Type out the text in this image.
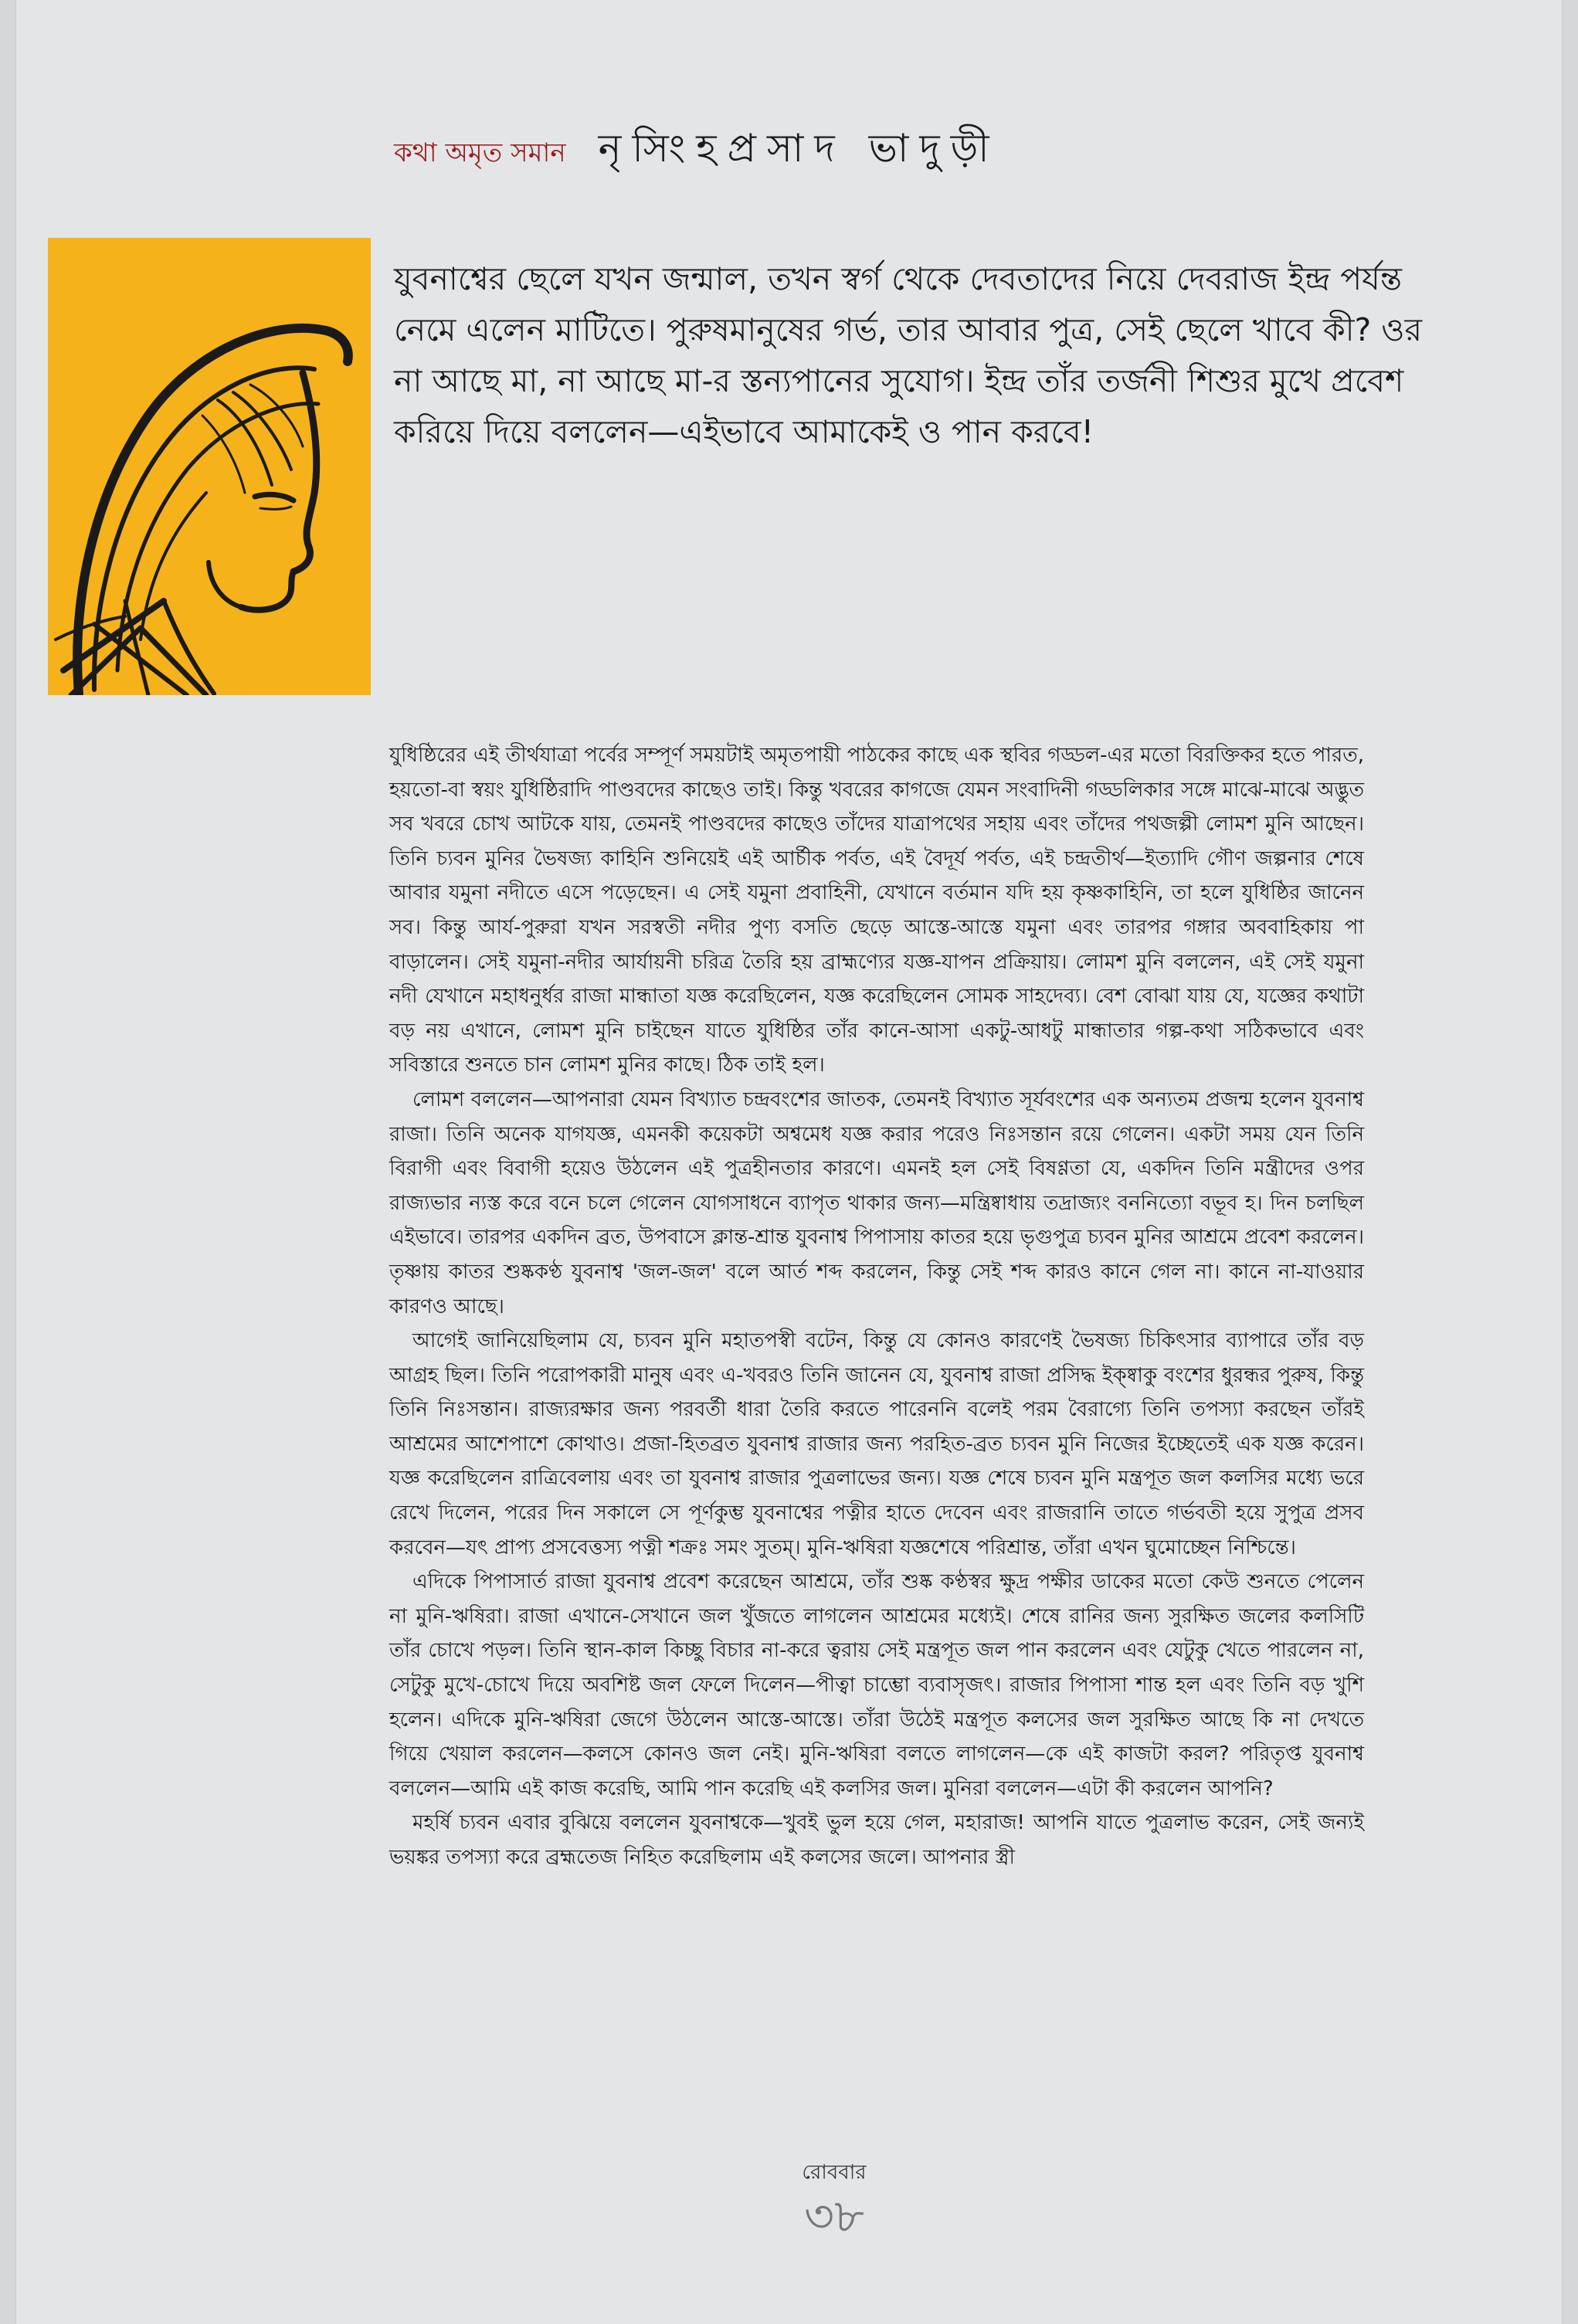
কথা অমৃত সমান নৃসিংহপ্রসাদ ভাদুড়ী

যুবনাশ্বের ছেলে যখন জন্মাল, তখন স্বর্গ থেকে দেবতাদের নিয়ে দেবরাজ ইন্দ্র পর্যন্ত নেমে এলেন মাটিতে। পুরুষমানুষের গর্ভ, তার আবার পুত্র, সেই ছেলে খাবে কী? ওর না আছে মা, না আছে মা-র স্তন্যপানের সুযোগ। ইন্দ্র তাঁর তর্জনী শিশুর মুখে প্রবেশ করিয়ে দিয়ে বললেন—এইভাবে আমাকেই ও পান করবে!

যুধিষ্ঠিরের এই তীর্থযাত্রা পর্বের সম্পূর্ণ সময়টাই অমৃতপায়ী পাঠকের কাছে এক স্থবির গড্ডল-এর মতো বিরক্তিকর হতে পারত, হয়তো-বা স্বয়ং যুধিষ্ঠিরাদি পাণ্ডবদের কাছেও তাই। কিন্তু খবরের কাগজে যেমন সংবাদিনী গড্ডলিকার সঙ্গে মাঝে-মাঝে অদ্ভুত সব খবরে চোখ আটকে যায়, তেমনই পাণ্ডবদের কাছেও তাঁদের যাত্রাপথের সহায় এবং তাঁদের পথজল্পী লোমশ মুনি আছেন। তিনি চ্যবন মুনির ভৈষজ্য কাহিনি শুনিয়েই এই আর্চীক পর্বত, এই বৈদূর্য পর্বত, এই চন্দ্রতীর্থ—ইত্যাদি গৌণ জল্পনার শেষে আবার যমুনা নদীতে এসে পড়েছেন। এ সেই যমুনা প্রবাহিনী, যেখানে বর্তমান যদি হয় কৃষ্ণকাহিনি, তা হলে যুধিষ্ঠির জানেন সব। কিন্তু আর্য-পুরুরা যখন সরস্বতী নদীর পুণ্য বসতি ছেড়ে আস্তে-আস্তে যমুনা এবং তারপর গঙ্গার অববাহিকায় পা বাড়ালেন। সেই যমুনা-নদীর আর্যায়নী চরিত্র তৈরি হয় ব্রাহ্মণ্যের যজ্ঞ-যাপন প্রক্রিয়ায়। লোমশ মুনি বললেন, এই সেই যমুনা নদী যেখানে মহাধনুর্ধর রাজা মান্ধাতা যজ্ঞ করেছিলেন, যজ্ঞ করেছিলেন সোমক সাহদেব্য। বেশ বোঝা যায় যে, যজ্ঞের কথাটা বড় নয় এখানে, লোমশ মুনি চাইছেন যাতে যুধিষ্ঠির তাঁর কানে-আসা একটু-আধটু মান্ধাতার গল্প-কথা সঠিকভাবে এবং সবিস্তারে শুনতে চান লোমশ মুনির কাছে। ঠিক তাই হল।

লোমশ বললেন—আপনারা যেমন বিখ্যাত চন্দ্রবংশের জাতক, তেমনই বিখ্যাত সূর্যবংশের এক অন্যতম প্রজন্ম হলেন যুবনাশ্ব রাজা। তিনি অনেক যাগযজ্ঞ, এমনকী কয়েকটা অশ্বমেধ যজ্ঞ করার পরেও নিঃসন্তান রয়ে গেলেন। একটা সময় যেন তিনি বিরাগী এবং বিবাগী হয়েও উঠলেন এই পুত্রহীনতার কারণে। এমনই হল সেই বিষণ্ণতা যে, একদিন তিনি মন্ত্রীদের ওপর রাজ্যভার ন্যস্ত করে বনে চলে গেলেন যোগসাধনে ব্যাপৃত থাকার জন্য—মন্ত্রিষ্বাধায় তদ্রাজ্যং বননিত্যো বভূব হ। দিন চলছিল এইভাবে। তারপর একদিন ব্রত, উপবাসে ক্লান্ত-শ্রান্ত যুবনাশ্ব পিপাসায় কাতর হয়ে ভৃগুপুত্র চ্যবন মুনির আশ্রমে প্রবেশ করলেন। তৃষ্ণায় কাতর শুষ্ককণ্ঠ যুবনাশ্ব 'জল-জল' বলে আর্ত শব্দ করলেন, কিন্তু সেই শব্দ কারও কানে গেল না। কানে না-যাওয়ার কারণও আছে।

আগেই জানিয়েছিলাম যে, চ্যবন মুনি মহাতপস্বী বটেন, কিন্তু যে কোনও কারণেই ভৈষজ্য চিকিৎসার ব্যাপারে তাঁর বড় আগ্রহ ছিল। তিনি পরোপকারী মানুষ এবং এ-খবরও তিনি জানেন যে, যুবনাশ্ব রাজা প্রসিদ্ধ ইক্ষ্বাকু বংশের ধুরন্ধর পুরুষ, কিন্তু তিনি নিঃসন্তান। রাজ্যরক্ষার জন্য পরবর্তী ধারা তৈরি করতে পারেননি বলেই পরম বৈরাগ্যে তিনি তপস্যা করছেন তাঁরই আশ্রমের আশেপাশে কোথাও। প্রজা-হিতব্রত যুবনাশ্ব রাজার জন্য পরহিত-ব্রত চ্যবন মুনি নিজের ইচ্ছেতেই এক যজ্ঞ করেন। যজ্ঞ করেছিলেন রাত্রিবেলায় এবং তা যুবনাশ্ব রাজার পুত্রলাভের জন্য। যজ্ঞ শেষে চ্যবন মুনি মন্ত্রপূত জল কলসির মধ্যে ভরে রেখে দিলেন, পরের দিন সকালে সে পূর্ণকুম্ভ যুবনাশ্বের পত্নীর হাতে দেবেন এবং রাজরানি তাতে গর্ভবতী হয়ে সুপুত্র প্রসব করবেন—যৎ প্রাপ্য প্রসবেত্তস্য পত্নী শক্রঃ সমং সুতম্। মুনি-ঋষিরা যজ্ঞশেষে পরিশ্রান্ত, তাঁরা এখন ঘুমোচ্ছেন নিশ্চিন্তে।

এদিকে পিপাসার্ত রাজা যুবনাশ্ব প্রবেশ করেছেন আশ্রমে, তাঁর শুষ্ক কণ্ঠস্বর ক্ষুদ্র পক্ষীর ডাকের মতো কেউ শুনতে পেলেন না মুনি-ঋষিরা। রাজা এখানে-সেখানে জল খুঁজতে লাগলেন আশ্রমের মধ্যেই। শেষে রানির জন্য সুরক্ষিত জলের কলসিটি তাঁর চোখে পড়ল। তিনি স্থান-কাল কিচ্ছু বিচার না-করে ত্বরায় সেই মন্ত্রপূত জল পান করলেন এবং যেটুকু খেতে পারলেন না, সেটুকু মুখে-চোখে দিয়ে অবশিষ্ট জল ফেলে দিলেন—পীত্বা চাম্ভো ব্যবাসৃজৎ। রাজার পিপাসা শান্ত হল এবং তিনি বড় খুশি হলেন। এদিকে মুনি-ঋষিরা জেগে উঠলেন আস্তে-আস্তে। তাঁরা উঠেই মন্ত্রপূত কলসের জল সুরক্ষিত আছে কি না দেখতে গিয়ে খেয়াল করলেন—কলসে কোনও জল নেই। মুনি-ঋষিরা বলতে লাগলেন—কে এই কাজটা করল? পরিতৃপ্ত যুবনাশ্ব বললেন—আমি এই কাজ করেছি, আমি পান করেছি এই কলসির জল। মুনিরা বললেন—এটা কী করলেন আপনি?

মহর্ষি চ্যবন এবার বুঝিয়ে বললেন যুবনাশ্বকে—খুবই ভুল হয়ে গেল, মহারাজ! আপনি যাতে পুত্রলাভ করেন, সেই জন্যই ভয়ঙ্কর তপস্যা করে ব্রহ্মতেজ নিহিত করেছিলাম এই কলসের জলে। আপনার স্ত্রী

রোববার
৩৮
